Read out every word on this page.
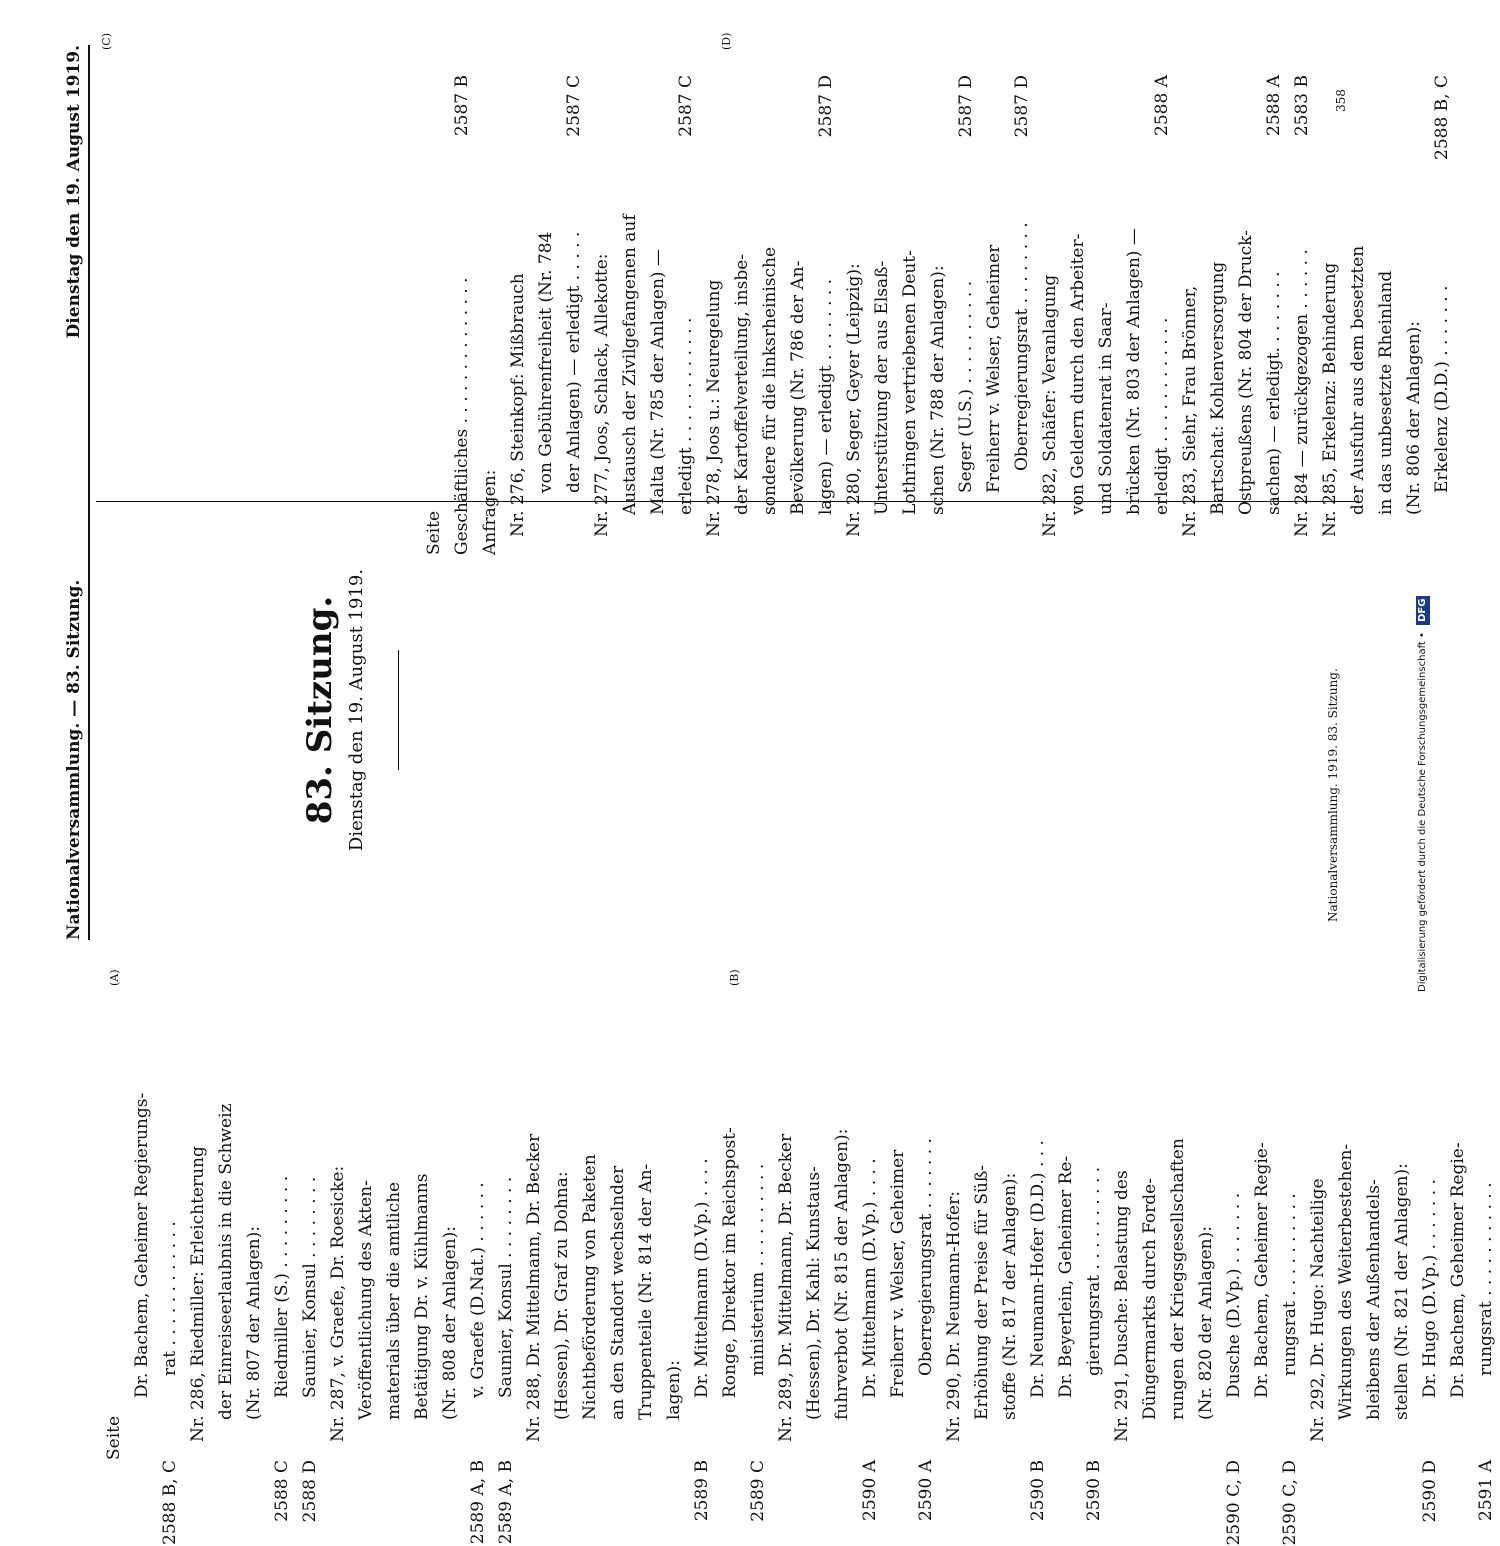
Nationalversammlung. — 83. Sitzung.
Dienstag den 19. August 1919.
(A)	(B)
(C)	(D)
83. Sitzung. Dienstag den 19. August 1919.
Seite Geschäftliches . . . . . . . . . . . . . .
2587 B
Anfragen: Nr. 276, Steinkopf: Mißbrauch von Gebührenfreiheit (Nr. 784 der Anlagen) — erledigt . . . . .
2587 C
Nr. 277, Joos, Schlack, Allekotte: Austausch der Zivilgefangenen auf Malta (Nr. 785 der Anlagen) — erledigt . . . . . . . . . . . .
2587 C
Nr. 278, Joos u.: Neuregelung der Kartoffelverteilung, insbe- sondere für die linksrheinische Bevölkerung (Nr. 786 der An- lagen) — erledigt . . . . . . . .
2587 D
Nr. 280, Seger, Geyer (Leipzig): Unterstützung der aus Elsaß- Lothringen vertriebenen Deut- schen (Nr. 788 der Anlagen): Seger (U.S.) . . . . . . . . . .
2587 D
Freiherr v. Welser, Geheimer Oberregierungsrat . . . . . . . .
2587 D
Nr. 282, Schäfer: Veranlagung von Geldern durch den Arbeiter- und Soldatenrat in Saar- brücken (Nr. 803 der Anlagen) — erledigt . . . . . . . . . . . .
2588 A
Nr. 283, Siehr, Frau Brönner, Bartschat: Kohlenversorgung Ostpreußens (Nr. 804 der Druck- sachen) — erledigt. . . . . . . .
2588 A
Nr. 284 — zurückgezogen . . . . . .
2583 B
Nr. 285, Erkelenz: Behinderung der Ausfuhr aus dem besetzten in das unbesetzte Rheinland (Nr. 806 der Anlagen): Erkelenz (D.D.) . . . . . . .
2588 B, C
Seite
Dr. Bachem, Geheimer Regierungs- rat . . . . . . . . . . . .
2588 B, C
Nr. 286, Riedmiller: Erleichterung der Einreiseerlaubnis in die Schweiz (Nr. 807 der Anlagen): Riedmiller (S.) . . . . . . . . .
2588 C
Saunier, Konsul . . . . . . . .
2588 D
Nr. 287, v. Graefe, Dr. Roesicke: Veröffentlichung des Akten- materials über die amtliche Betätigung Dr. v. Kühlmanns (Nr. 808 der Anlagen): v. Graefe (D.Nat.) . . . . . .
2589 A, B
Saunier, Konsul . . . . . . . .
2589 A, B
Nr. 288, Dr. Mittelmann, Dr. Becker (Hessen), Dr. Graf zu Dohna: Nichtbeförderung von Paketen an den Standort wechselnder Truppenteile (Nr. 814 der An- lagen): Dr. Mittelmann (D.Vp.) . . . .
2589 B
Ronge, Direktor im Reichspost- ministerium . . . . . . . . . .
2589 C
Nr. 289, Dr. Mittelmann, Dr. Becker (Hessen), Dr. Kahl: Kunstaus- fuhrverbot (Nr. 815 der Anlagen): Dr. Mittelmann (D.Vp.) . . . .
2590 A
Freiherr v. Welser, Geheimer Oberregierungsrat . . . . . . .
2590 A
Nr. 290, Dr. Neumann-Hofer: Erhöhung der Preise für Süß- stoffe (Nr. 817 der Anlagen): Dr. Neumann-Hofer (D.D.) . . .
2590 B
Dr. Beyerlein, Geheimer Re- gierungsrat . . . . . . . . . .
2590 B
Nr. 291, Dusche: Belastung des Düngermarkts durch Forde- rungen der Kriegsgesellschaften (Nr. 820 der Anlagen): Dusche (D.Vp.) . . . . . . .
2590 C, D
Dr. Bachem, Geheimer Regie- rungsrat . . . . . . . . . .
2590 C, D
Nr. 292, Dr. Hugo: Nachteilige Wirkungen des Weiterbestehen- bleibens der Außenhandels- stellen (Nr. 821 der Anlagen): Dr. Hugo (D.Vp.) . . . . . . .
2590 D
Dr. Bachem, Geheimer Regie- rungsrat . . . . . . . . . . .
2591 A
Nationalversammlung. 1919. 83. Sitzung.
358
Digitalisierung gefördert durch die Deutsche Forschungsgemeinschaft • DFG
